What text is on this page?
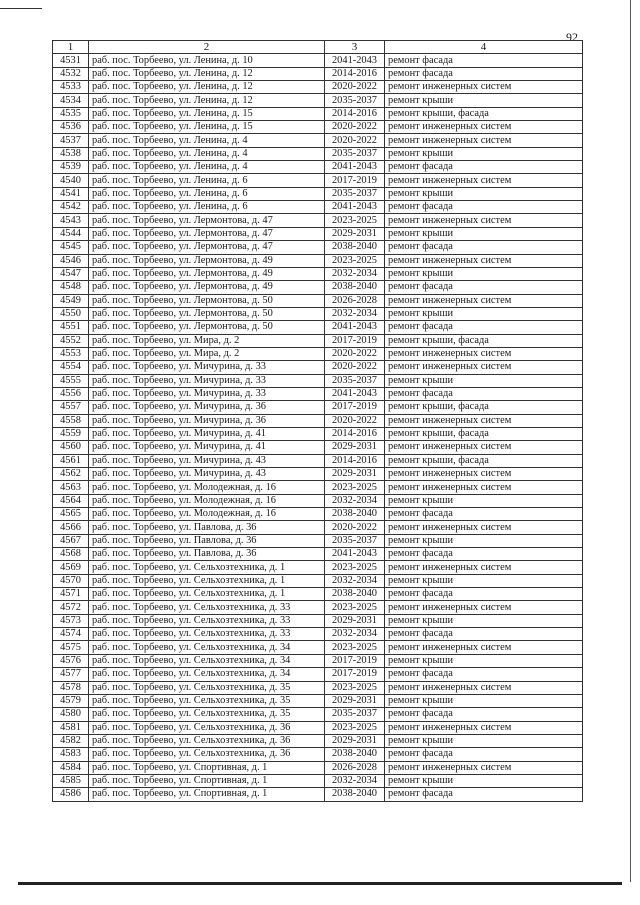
92
1	2	3	4
4531	раб. пос. Торбеево, ул. Ленина, д. 10	2041-2043	ремонт фасада
4532	раб. пос. Торбеево, ул. Ленина, д. 12	2014-2016	ремонт фасада
4533	раб. пос. Торбеево, ул. Ленина, д. 12	2020-2022	ремонт инженерных систем
4534	раб. пос. Торбеево, ул. Ленина, д. 12	2035-2037	ремонт крыши
4535	раб. пос. Торбеево, ул. Ленина, д. 15	2014-2016	ремонт крыши, фасада
4536	раб. пос. Торбеево, ул. Ленина, д. 15	2020-2022	ремонт инженерных систем
4537	раб. пос. Торбеево, ул. Ленина, д. 4	2020-2022	ремонт инженерных систем
4538	раб. пос. Торбеево, ул. Ленина, д. 4	2035-2037	ремонт крыши
4539	раб. пос. Торбеево, ул. Ленина, д. 4	2041-2043	ремонт фасада
4540	раб. пос. Торбеево, ул. Ленина, д. 6	2017-2019	ремонт инженерных систем
4541	раб. пос. Торбеево, ул. Ленина, д. 6	2035-2037	ремонт крыши
4542	раб. пос. Торбеево, ул. Ленина, д. 6	2041-2043	ремонт фасада
4543	раб. пос. Торбеево, ул. Лермонтова, д. 47	2023-2025	ремонт инженерных систем
4544	раб. пос. Торбеево, ул. Лермонтова, д. 47	2029-2031	ремонт крыши
4545	раб. пос. Торбеево, ул. Лермонтова, д. 47	2038-2040	ремонт фасада
4546	раб. пос. Торбеево, ул. Лермонтова, д. 49	2023-2025	ремонт инженерных систем
4547	раб. пос. Торбеево, ул. Лермонтова, д. 49	2032-2034	ремонт крыши
4548	раб. пос. Торбеево, ул. Лермонтова, д. 49	2038-2040	ремонт фасада
4549	раб. пос. Торбеево, ул. Лермонтова, д. 50	2026-2028	ремонт инженерных систем
4550	раб. пос. Торбеево, ул. Лермонтова, д. 50	2032-2034	ремонт крыши
4551	раб. пос. Торбеево, ул. Лермонтова, д. 50	2041-2043	ремонт фасада
4552	раб. пос. Торбеево, ул. Мира, д. 2	2017-2019	ремонт крыши, фасада
4553	раб. пос. Торбеево, ул. Мира, д. 2	2020-2022	ремонт инженерных систем
4554	раб. пос. Торбеево, ул. Мичурина, д. 33	2020-2022	ремонт инженерных систем
4555	раб. пос. Торбеево, ул. Мичурина, д. 33	2035-2037	ремонт крыши
4556	раб. пос. Торбеево, ул. Мичурина, д. 33	2041-2043	ремонт фасада
4557	раб. пос. Торбеево, ул. Мичурина, д. 36	2017-2019	ремонт крыши, фасада
4558	раб. пос. Торбеево, ул. Мичурина, д. 36	2020-2022	ремонт инженерных систем
4559	раб. пос. Торбеево, ул. Мичурина, д. 41	2014-2016	ремонт крыши, фасада
4560	раб. пос. Торбеево, ул. Мичурина, д. 41	2029-2031	ремонт инженерных систем
4561	раб. пос. Торбеево, ул. Мичурина, д. 43	2014-2016	ремонт крыши, фасада
4562	раб. пос. Торбеево, ул. Мичурина, д. 43	2029-2031	ремонт инженерных систем
4563	раб. пос. Торбеево, ул. Молодежная, д. 16	2023-2025	ремонт инженерных систем
4564	раб. пос. Торбеево, ул. Молодежная, д. 16	2032-2034	ремонт крыши
4565	раб. пос. Торбеево, ул. Молодежная, д. 16	2038-2040	ремонт фасада
4566	раб. пос. Торбеево, ул. Павлова, д. 36	2020-2022	ремонт инженерных систем
4567	раб. пос. Торбеево, ул. Павлова, д. 36	2035-2037	ремонт крыши
4568	раб. пос. Торбеево, ул. Павлова, д. 36	2041-2043	ремонт фасада
4569	раб. пос. Торбеево, ул. Сельхозтехника, д. 1	2023-2025	ремонт инженерных систем
4570	раб. пос. Торбеево, ул. Сельхозтехника, д. 1	2032-2034	ремонт крыши
4571	раб. пос. Торбеево, ул. Сельхозтехника, д. 1	2038-2040	ремонт фасада
4572	раб. пос. Торбеево, ул. Сельхозтехника, д. 33	2023-2025	ремонт инженерных систем
4573	раб. пос. Торбеево, ул. Сельхозтехника, д. 33	2029-2031	ремонт крыши
4574	раб. пос. Торбеево, ул. Сельхозтехника, д. 33	2032-2034	ремонт фасада
4575	раб. пос. Торбеево, ул. Сельхозтехника, д. 34	2023-2025	ремонт инженерных систем
4576	раб. пос. Торбеево, ул. Сельхозтехника, д. 34	2017-2019	ремонт крыши
4577	раб. пос. Торбеево, ул. Сельхозтехника, д. 34	2017-2019	ремонт фасада
4578	раб. пос. Торбеево, ул. Сельхозтехника, д. 35	2023-2025	ремонт инженерных систем
4579	раб. пос. Торбеево, ул. Сельхозтехника, д. 35	2029-2031	ремонт крыши
4580	раб. пос. Торбеево, ул. Сельхозтехника, д. 35	2035-2037	ремонт фасада
4581	раб. пос. Торбеево, ул. Сельхозтехника, д. 36	2023-2025	ремонт инженерных систем
4582	раб. пос. Торбеево, ул. Сельхозтехника, д. 36	2029-2031	ремонт крыши
4583	раб. пос. Торбеево, ул. Сельхозтехника, д. 36	2038-2040	ремонт фасада
4584	раб. пос. Торбеево, ул. Спортивная, д. 1	2026-2028	ремонт инженерных систем
4585	раб. пос. Торбеево, ул. Спортивная, д. 1	2032-2034	ремонт крыши
4586	раб. пос. Торбеево, ул. Спортивная, д. 1	2038-2040	ремонт фасада
